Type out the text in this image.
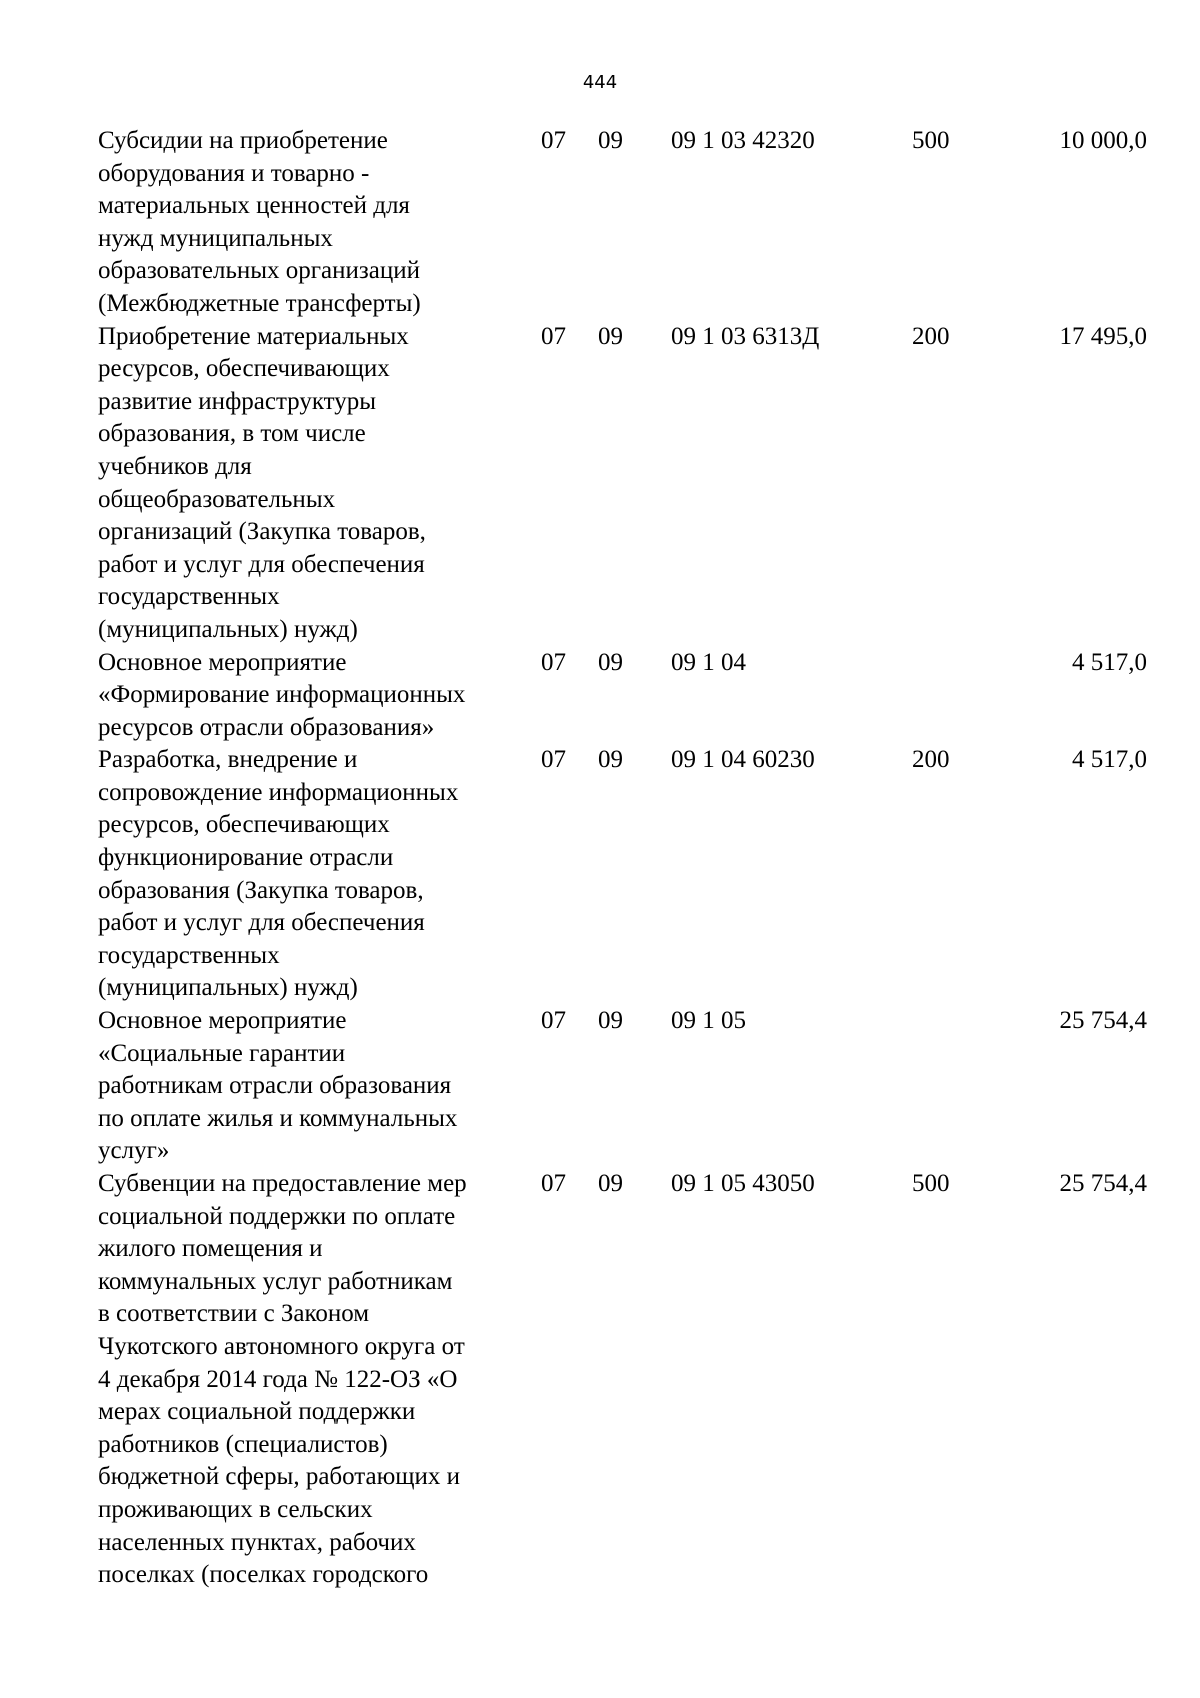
444
Субсидии на приобретение
оборудования и товарно -
материальных ценностей для
нужд муниципальных
образовательных организаций
(Межбюджетные трансферты)
07 09 09 1 03 42320	500	10 000,0
Приобретение материальных
ресурсов, обеспечивающих
развитие инфраструктуры
образования, в том числе
учебников для
общеобразовательных
организаций (Закупка товаров,
работ и услуг для обеспечения
государственных
(муниципальных) нужд)
07 09 09 1 03 6313Д	200	17 495,0
Основное мероприятие
«Формирование информационных
ресурсов отрасли образования»
07 09 09 1 04	4 517,0
Разработка, внедрение и
сопровождение информационных
ресурсов, обеспечивающих
функционирование отрасли
образования (Закупка товаров,
работ и услуг для обеспечения
государственных
(муниципальных) нужд)
07 09 09 1 04 60230	200	4 517,0
Основное мероприятие
«Социальные гарантии
работникам отрасли образования
по оплате жилья и коммунальных
услуг»
07 09 09 1 05	25 754,4
Субвенции на предоставление мер
социальной поддержки по оплате
жилого помещения и
коммунальных услуг работникам
в соответствии с Законом
Чукотского автономного округа от
4 декабря 2014 года № 122-ОЗ «О
мерах социальной поддержки
работников (специалистов)
бюджетной сферы, работающих и
проживающих в сельских
населенных пунктах, рабочих
поселках (поселках городского
07 09 09 1 05 43050	500	25 754,4
